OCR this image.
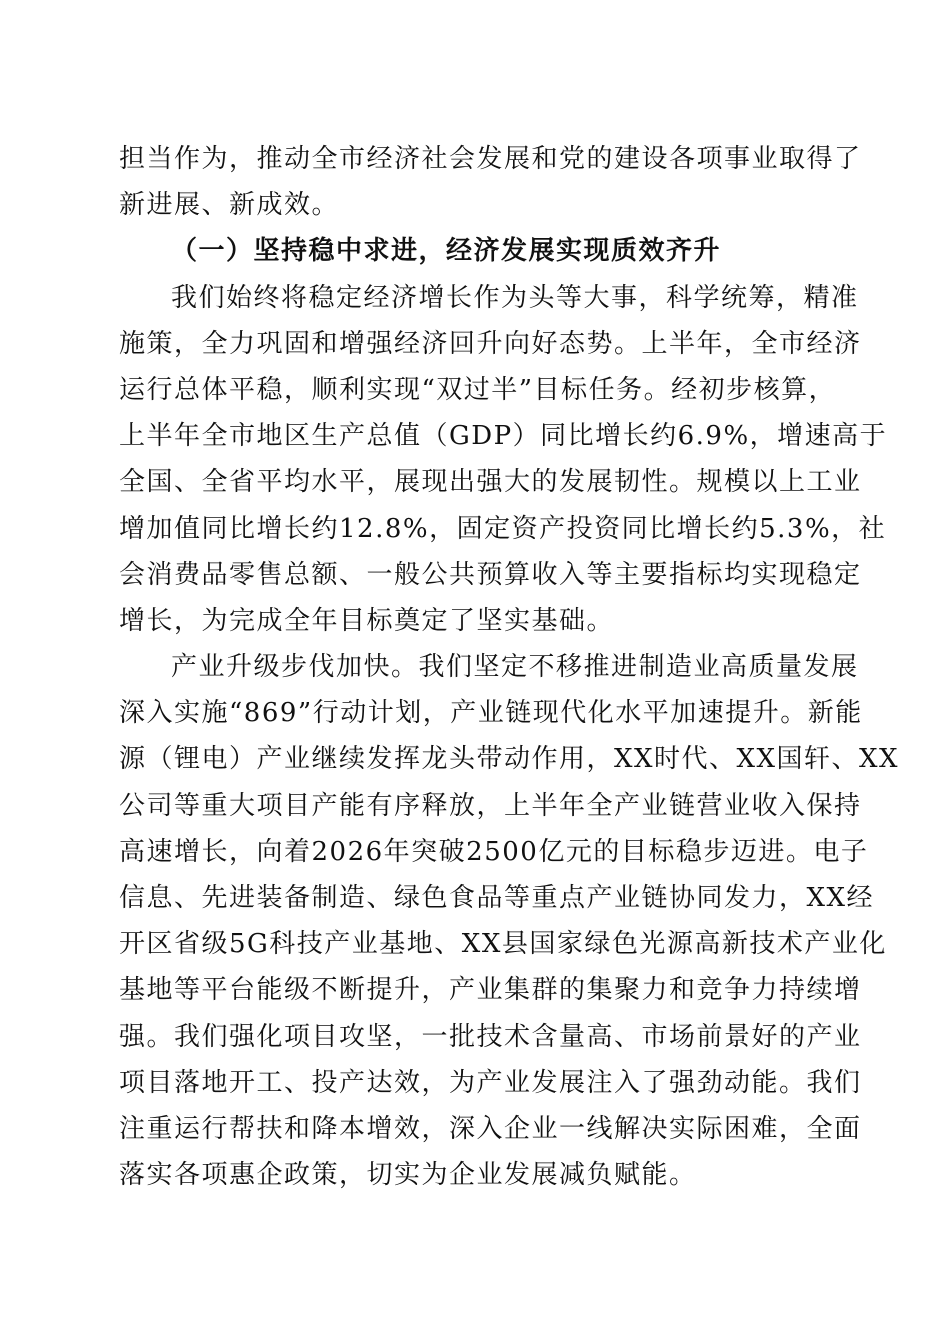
担当作为，推动全市经济社会发展和党的建设各项事业取得了
新进展、新成效。
（一）坚持稳中求进，经济发展实现质效齐升
我们始终将稳定经济增长作为头等大事，科学统筹，精准
施策，全力巩固和增强经济回升向好态势。上半年，全市经济
运行总体平稳，顺利实现“双过半”目标任务。经初步核算，
上半年全市地区生产总值（GDP）同比增长约6.9%，增速高于
全国、全省平均水平，展现出强大的发展韧性。规模以上工业
增加值同比增长约12.8%，固定资产投资同比增长约5.3%，社
会消费品零售总额、一般公共预算收入等主要指标均实现稳定
增长，为完成全年目标奠定了坚实基础。
产业升级步伐加快。我们坚定不移推进制造业高质量发展
深入实施“869”行动计划，产业链现代化水平加速提升。新能
源（锂电）产业继续发挥龙头带动作用，XX时代、XX国轩、XX
公司等重大项目产能有序释放，上半年全产业链营业收入保持
高速增长，向着2026年突破2500亿元的目标稳步迈进。电子
信息、先进装备制造、绿色食品等重点产业链协同发力，XX经
开区省级5G科技产业基地、XX县国家绿色光源高新技术产业化
基地等平台能级不断提升，产业集群的集聚力和竞争力持续增
强。我们强化项目攻坚，一批技术含量高、市场前景好的产业
项目落地开工、投产达效，为产业发展注入了强劲动能。我们
注重运行帮扶和降本增效，深入企业一线解决实际困难，全面
落实各项惠企政策，切实为企业发展减负赋能。
